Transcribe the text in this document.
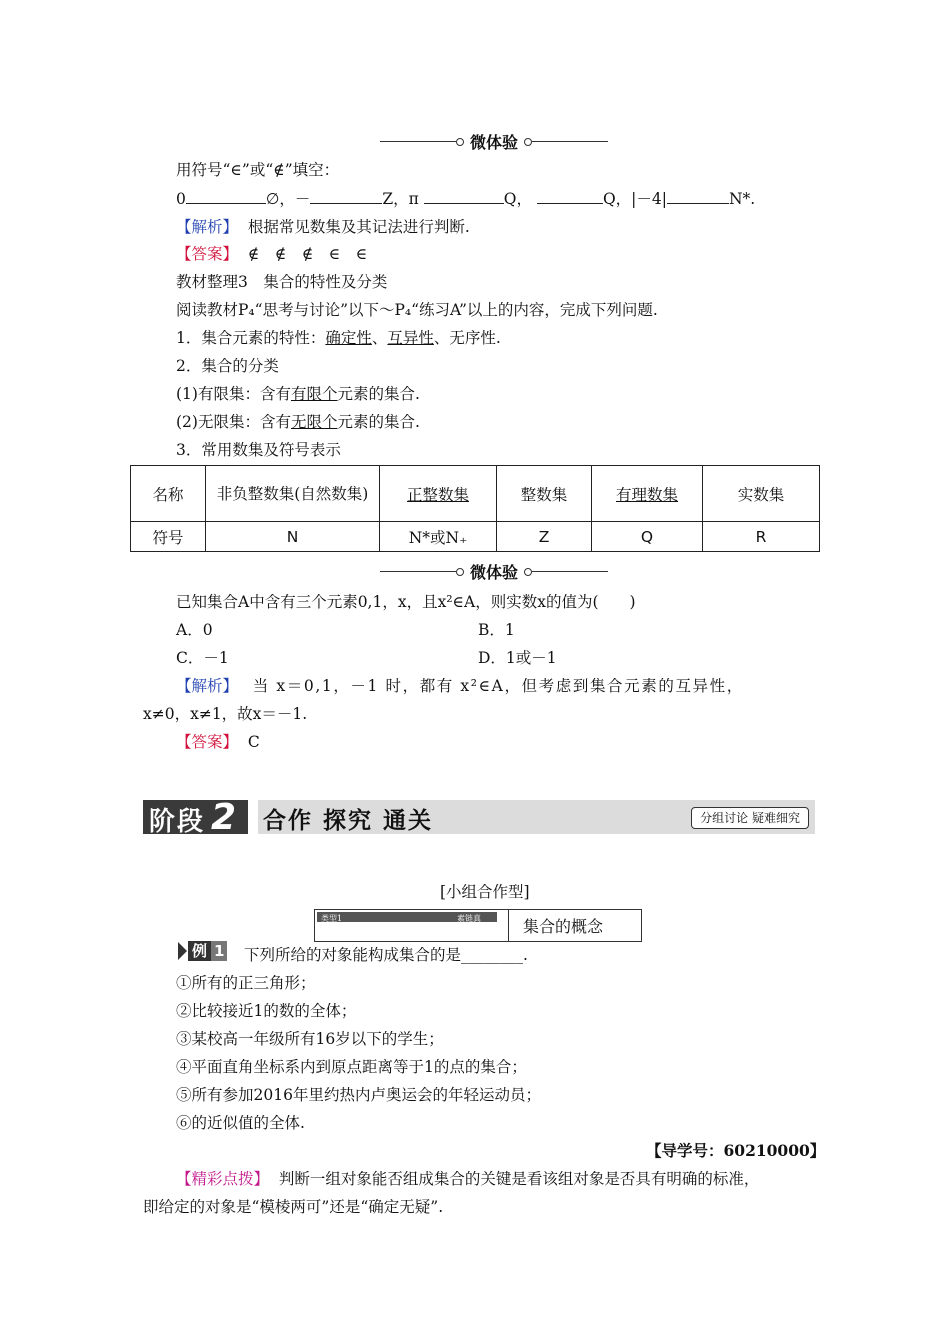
微体验
用符号“∈”或“∉”填空：
0	∅，－	Z，π	Q，	Q，|－4|	N*.
【解析】 根据常见数集及其记法进行判断.
【答案】 ∉　∉　∉　∈　∈
教材整理3　集合的特性及分类
阅读教材P₄“思考与讨论”以下～P₄“练习A”以上的内容，完成下列问题.
1．集合元素的特性：确定性、互异性、无序性.
2．集合的分类
(1)有限集：含有有限个元素的集合.
(2)无限集：含有无限个元素的集合.
3．常用数集及符号表示
名称	非负整数集(自然数集)	正整数集	整数集	有理数集	实数集
符号	N	N*或N₊	Z	Q	R
微体验
已知集合A中含有三个元素0,1，x，且x²∈A，则实数x的值为(　　)
A．0	B．1
C．－1	D．1或－1
【解析】 当 x＝0,1，－1 时，都有 x²∈A，但考虑到集合元素的互异性，
x≠0，x≠1，故x＝－1.
【答案】 C
阶段 2 合作 探究 通关	分组讨论 疑难细究
[小组合作型]
类型1	素链真	集合的概念
例 1 下列所给的对象能构成集合的是________.
①所有的正三角形；
②比较接近1的数的全体；
③某校高一年级所有16岁以下的学生；
④平面直角坐标系内到原点距离等于1的点的集合；
⑤所有参加2016年里约热内卢奥运会的年轻运动员；
⑥的近似值的全体.
【导学号：60210000】
【精彩点拨】 判断一组对象能否组成集合的关键是看该组对象是否具有明确的标准，
即给定的对象是“模棱两可”还是“确定无疑”.
